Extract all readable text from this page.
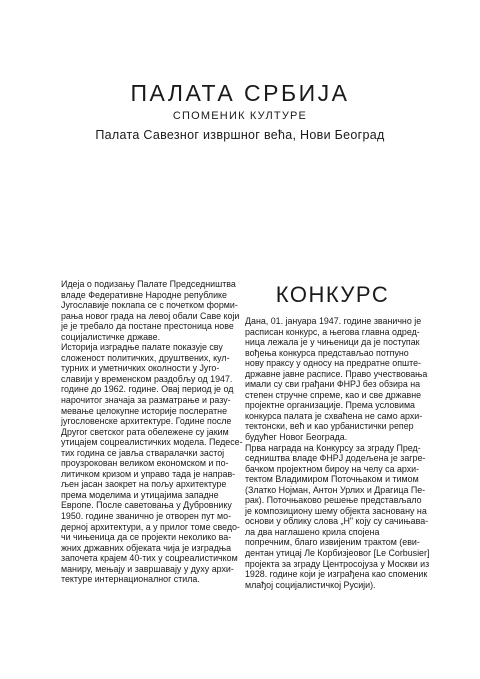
ПАЛАТА СРБИЈА

СПОМЕНИК КУЛТУРЕ

Палата Савезног извршног већа, Нови Београд

Идеја о подизању Палате Председништва
владе Федеративне Народне републике
Југославије поклапа се с почетком форми-
рања новог града на левој обали Саве који
је је требало да постане престоница нове
социјалистичке државе.
Историја изградње палате показује сву
сложеност политичких, друштвених, кул-
турних и уметничких околности у Југо-
славији у временском раздобљу од 1947.
године до 1962. године. Овај период је од
нарочитог значаја за разматрање и разу-
мевање целокупне историје послератне
југословенске архитектуре. Године после
Другог светског рата обележене су јаким
утицајем соцреалистичких модела. Педесе-
тих година се јавља стваралачки застој
проузрокован великом економском и по-
литичком кризом и управо тада је направ-
љен јасан заокрет на пољу архитектуре
према моделима и утицајима западне
Европе. После саветовања у Дубровнику
1950. године званично је отворен пут мо-
дерној архитектури, а у прилог томе сведо-
чи чињеница да се пројекти неколико ва-
жних државних објеката чија је изградња
започета крајем 40-тих у соцреалистичком
маниру, мењају и завршавају у духу архи-
тектуре интернационалног стила.
КОНКУРС
Дана, 01. јануара 1947. године званично је
расписан конкурс, а његова главна одред-
ница лежала је у чињеници да је поступак
вођења конкурса представљао потпуно
нову праксу у односу на предратне опште-
државне јавне расписе. Право учествовања
имали су сви грађани ФНРЈ без обзира на
степен стручне спреме, као и све државне
пројектне организације. Према условима
конкурса палата је схваћена не само архи-
тектонски, већ и као урбанистички репер
будућег Новог Београда.
Прва награда на Конкурсу за зграду Пред-
седништва владе ФНРЈ додељена је загре-
бачком пројектном бироу на челу са архи-
тектом Владимиром Поточњаком и тимом
(Златко Нојман, Антон Урлих и Драгица Пе-
рак). Поточњаково решење представљало
је композициону шему објекта засновану на
основи у облику слова „Н" коју су сачињава-
ла два наглашено крила спојена
попречним, благо извијеним трактом (еви-
дентан утицај Ле Корбизјеовог [Le Corbusier]
пројекта за зграду Центросојуза у Москви из
1928. године који је изграђена као споменик
млађој социјалистичкој Русији).
